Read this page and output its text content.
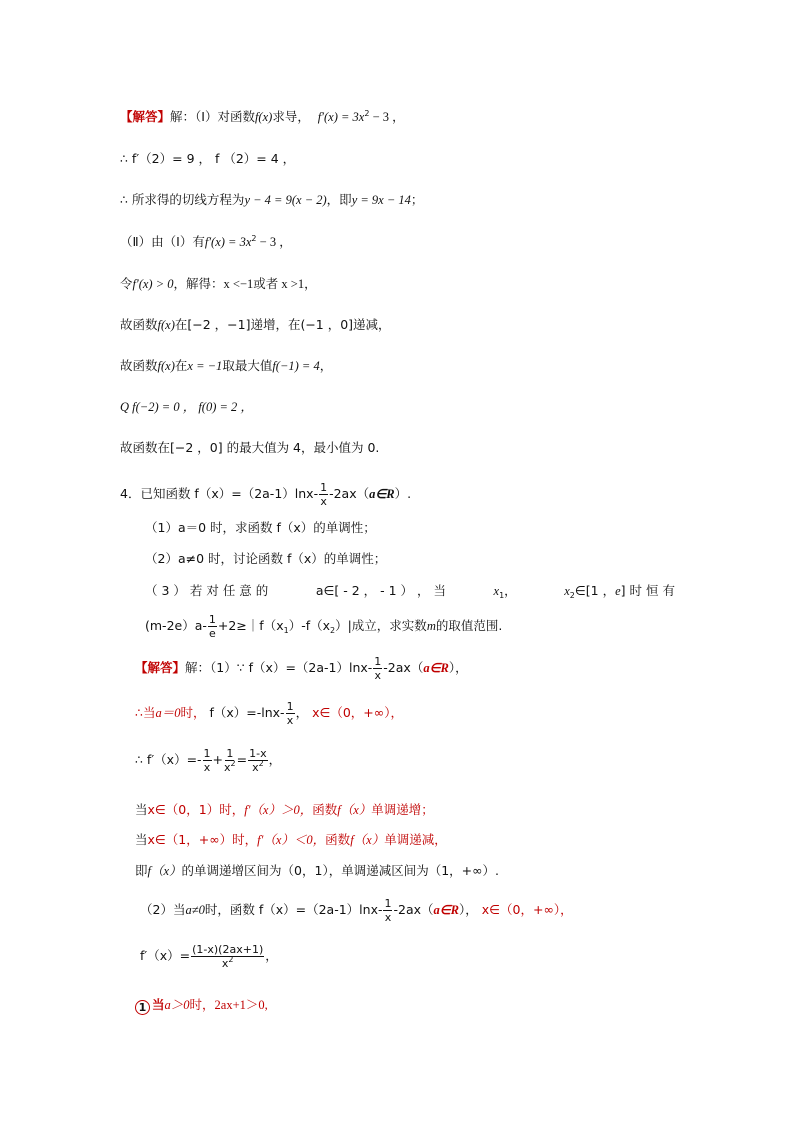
【解答】解：（Ⅰ）对函数f(x)求导， $f'(x) = 3x^2 - 3$ ，
∴ f′（2）= 9 ， f （2）= 4 ，
∴ 所求得的切线方程为y − 4 = 9(x − 2)，即y = 9x − 14；
（Ⅱ）由（Ⅰ）有$f'(x) = 3x^2 - 3$ ，
令f′(x) > 0，解得：x <−1或者 x >1，
故函数f(x)在[−2 ，−1]递增，在(−1 ，0]递减，
故函数f(x)在x = −1取最大值f(−1) = 4，
Q f(−2) = 0 ， f(0) = 2 ，
故函数在[−2 ，0] 的最大值为 4，最小值为 0.
4．已知函数 $f(x)=(2a-1)\ln x- \frac{1}{x}$ -2ax（a∈R）.
（1）a＝0 时，求函数 f（x）的单调性；
（2）a≠0 时，讨论函数 f（x）的单调性；
（ 3 ） 若 对 任 意 的	a∈[ - 2 ， - 1 ） ， 当	$x_1$，	$x_2\in[1$ ，e] 时 恒 有
$(m-2e)a- \frac{1}{e}$ $+2\ge|f(x_1)-f(x_2)|$成立，求实数m的取值范围.
【解答】解：（1）∵ $f(x)=(2a-1)\ln x- \frac{1}{x}$ -2ax（a∈R），
∴当a＝0时， $f(x)=-\ln x- \frac{1}{x}$ ， x∈（0，+∞），
∴ $f'(x)=- \frac{1}{x} + \frac{1}{x^2} = \frac{1-x}{x^2}$ ，
当x∈（0，1）时，f′（x）＞0，函数f（x）单调递增；
当x∈（1，+∞）时，f′（x）＜0，函数f（x）单调递减，
即f（x）的单调递增区间为（0，1），单调递减区间为（1，+∞）.
（2）当a≠0时，函数 $f(x)=(2a-1)\ln x- \frac{1}{x}$ -2ax（a∈R）， x∈（0，+∞），
$f'(x)= \frac{(1-x)(2ax+1)}{x^2}$ ，
1 当a＞0时，2ax+1＞0,
